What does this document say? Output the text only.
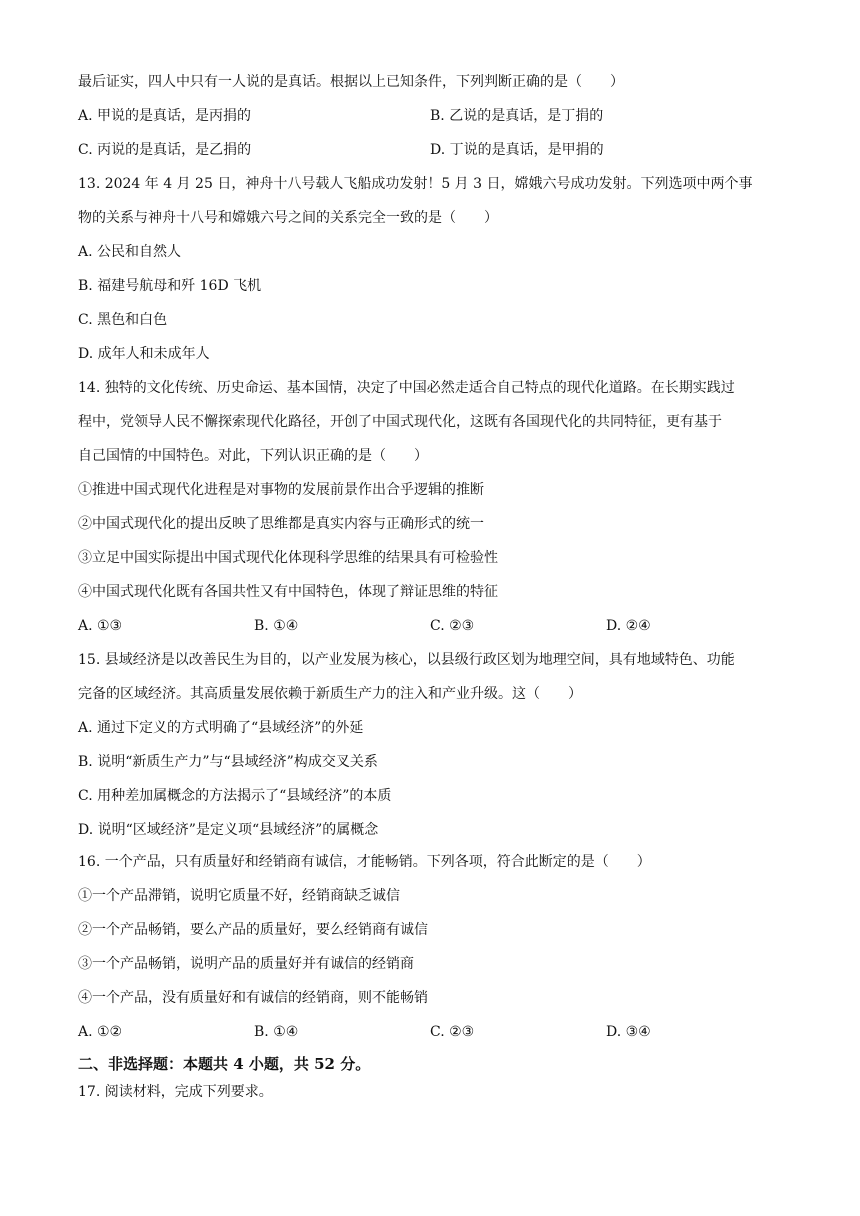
最后证实，四人中只有一人说的是真话。根据以上已知条件，下列判断正确的是（　　）
A. 甲说的是真话，是丙捐的	B. 乙说的是真话，是丁捐的
C. 丙说的是真话，是乙捐的	D. 丁说的是真话，是甲捐的
13. 2024 年 4 月 25 日，神舟十八号载人飞船成功发射！5 月 3 日，嫦娥六号成功发射。下列选项中两个事
物的关系与神舟十八号和嫦娥六号之间的关系完全一致的是（　　）
A. 公民和自然人
B. 福建号航母和歼 16D 飞机
C. 黑色和白色
D. 成年人和未成年人
14. 独特的文化传统、历史命运、基本国情，决定了中国必然走适合自己特点的现代化道路。在长期实践过
程中，党领导人民不懈探索现代化路径，开创了中国式现代化，这既有各国现代化的共同特征，更有基于
自己国情的中国特色。对此，下列认识正确的是（　　）
①推进中国式现代化进程是对事物的发展前景作出合乎逻辑的推断
②中国式现代化的提出反映了思维都是真实内容与正确形式的统一
③立足中国实际提出中国式现代化体现科学思维的结果具有可检验性
④中国式现代化既有各国共性又有中国特色，体现了辩证思维的特征
A. ①③	B. ①④	C. ②③	D. ②④
15. 县域经济是以改善民生为目的，以产业发展为核心，以县级行政区划为地理空间，具有地域特色、功能
完备的区域经济。其高质量发展依赖于新质生产力的注入和产业升级。这（　　）
A. 通过下定义的方式明确了“县域经济”的外延
B. 说明“新质生产力”与“县域经济”构成交叉关系
C. 用种差加属概念的方法揭示了“县域经济”的本质
D. 说明“区域经济”是定义项“县域经济”的属概念
16. 一个产品，只有质量好和经销商有诚信，才能畅销。下列各项，符合此断定的是（　　）
①一个产品滞销，说明它质量不好，经销商缺乏诚信
②一个产品畅销，要么产品的质量好，要么经销商有诚信
③一个产品畅销，说明产品的质量好并有诚信的经销商
④一个产品，没有质量好和有诚信的经销商，则不能畅销
A. ①②	B. ①④	C. ②③	D. ③④
二、非选择题：本题共 4 小题，共 52 分。
17. 阅读材料，完成下列要求。
